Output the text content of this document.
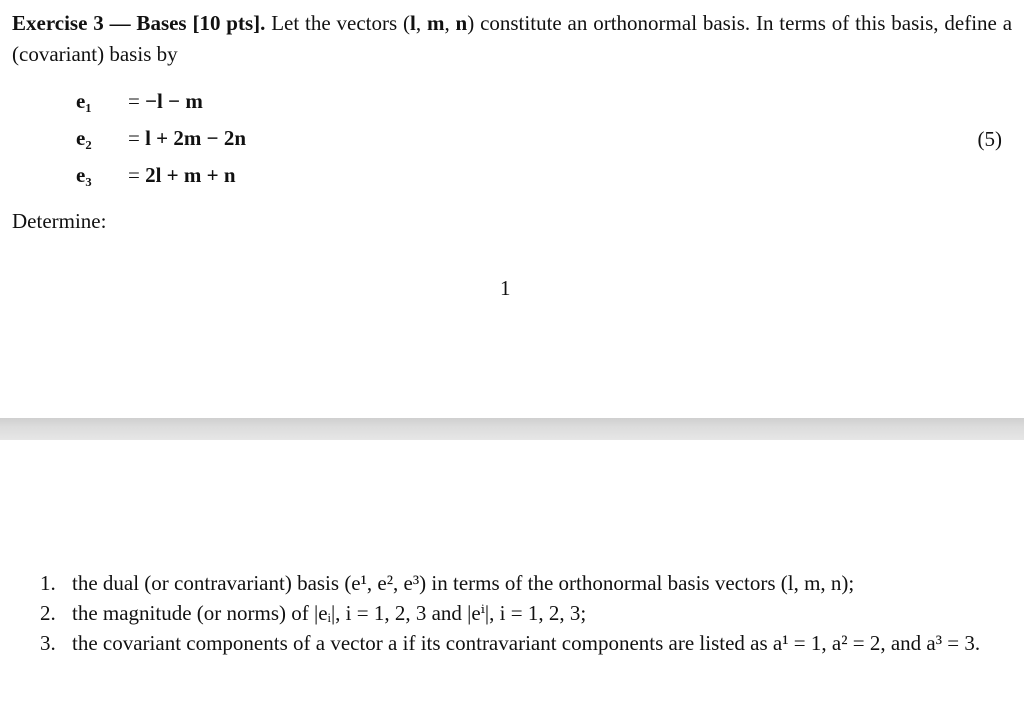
Exercise 3 — Bases [10 pts]. Let the vectors (l, m, n) constitute an orthonormal basis. In terms of this basis, define a (covariant) basis by
e₁ = −l − m
e₂ = l + 2m − 2n
e₃ = 2l + m + n
(5)
Determine:
1
1. the dual (or contravariant) basis (e¹, e², e³) in terms of the orthonormal basis vectors (l, m, n);
2. the magnitude (or norms) of |eᵢ|, i = 1, 2, 3 and |eⁱ|, i = 1, 2, 3;
3. the covariant components of a vector a if its contravariant components are listed as a¹ = 1, a² = 2, and a³ = 3.
